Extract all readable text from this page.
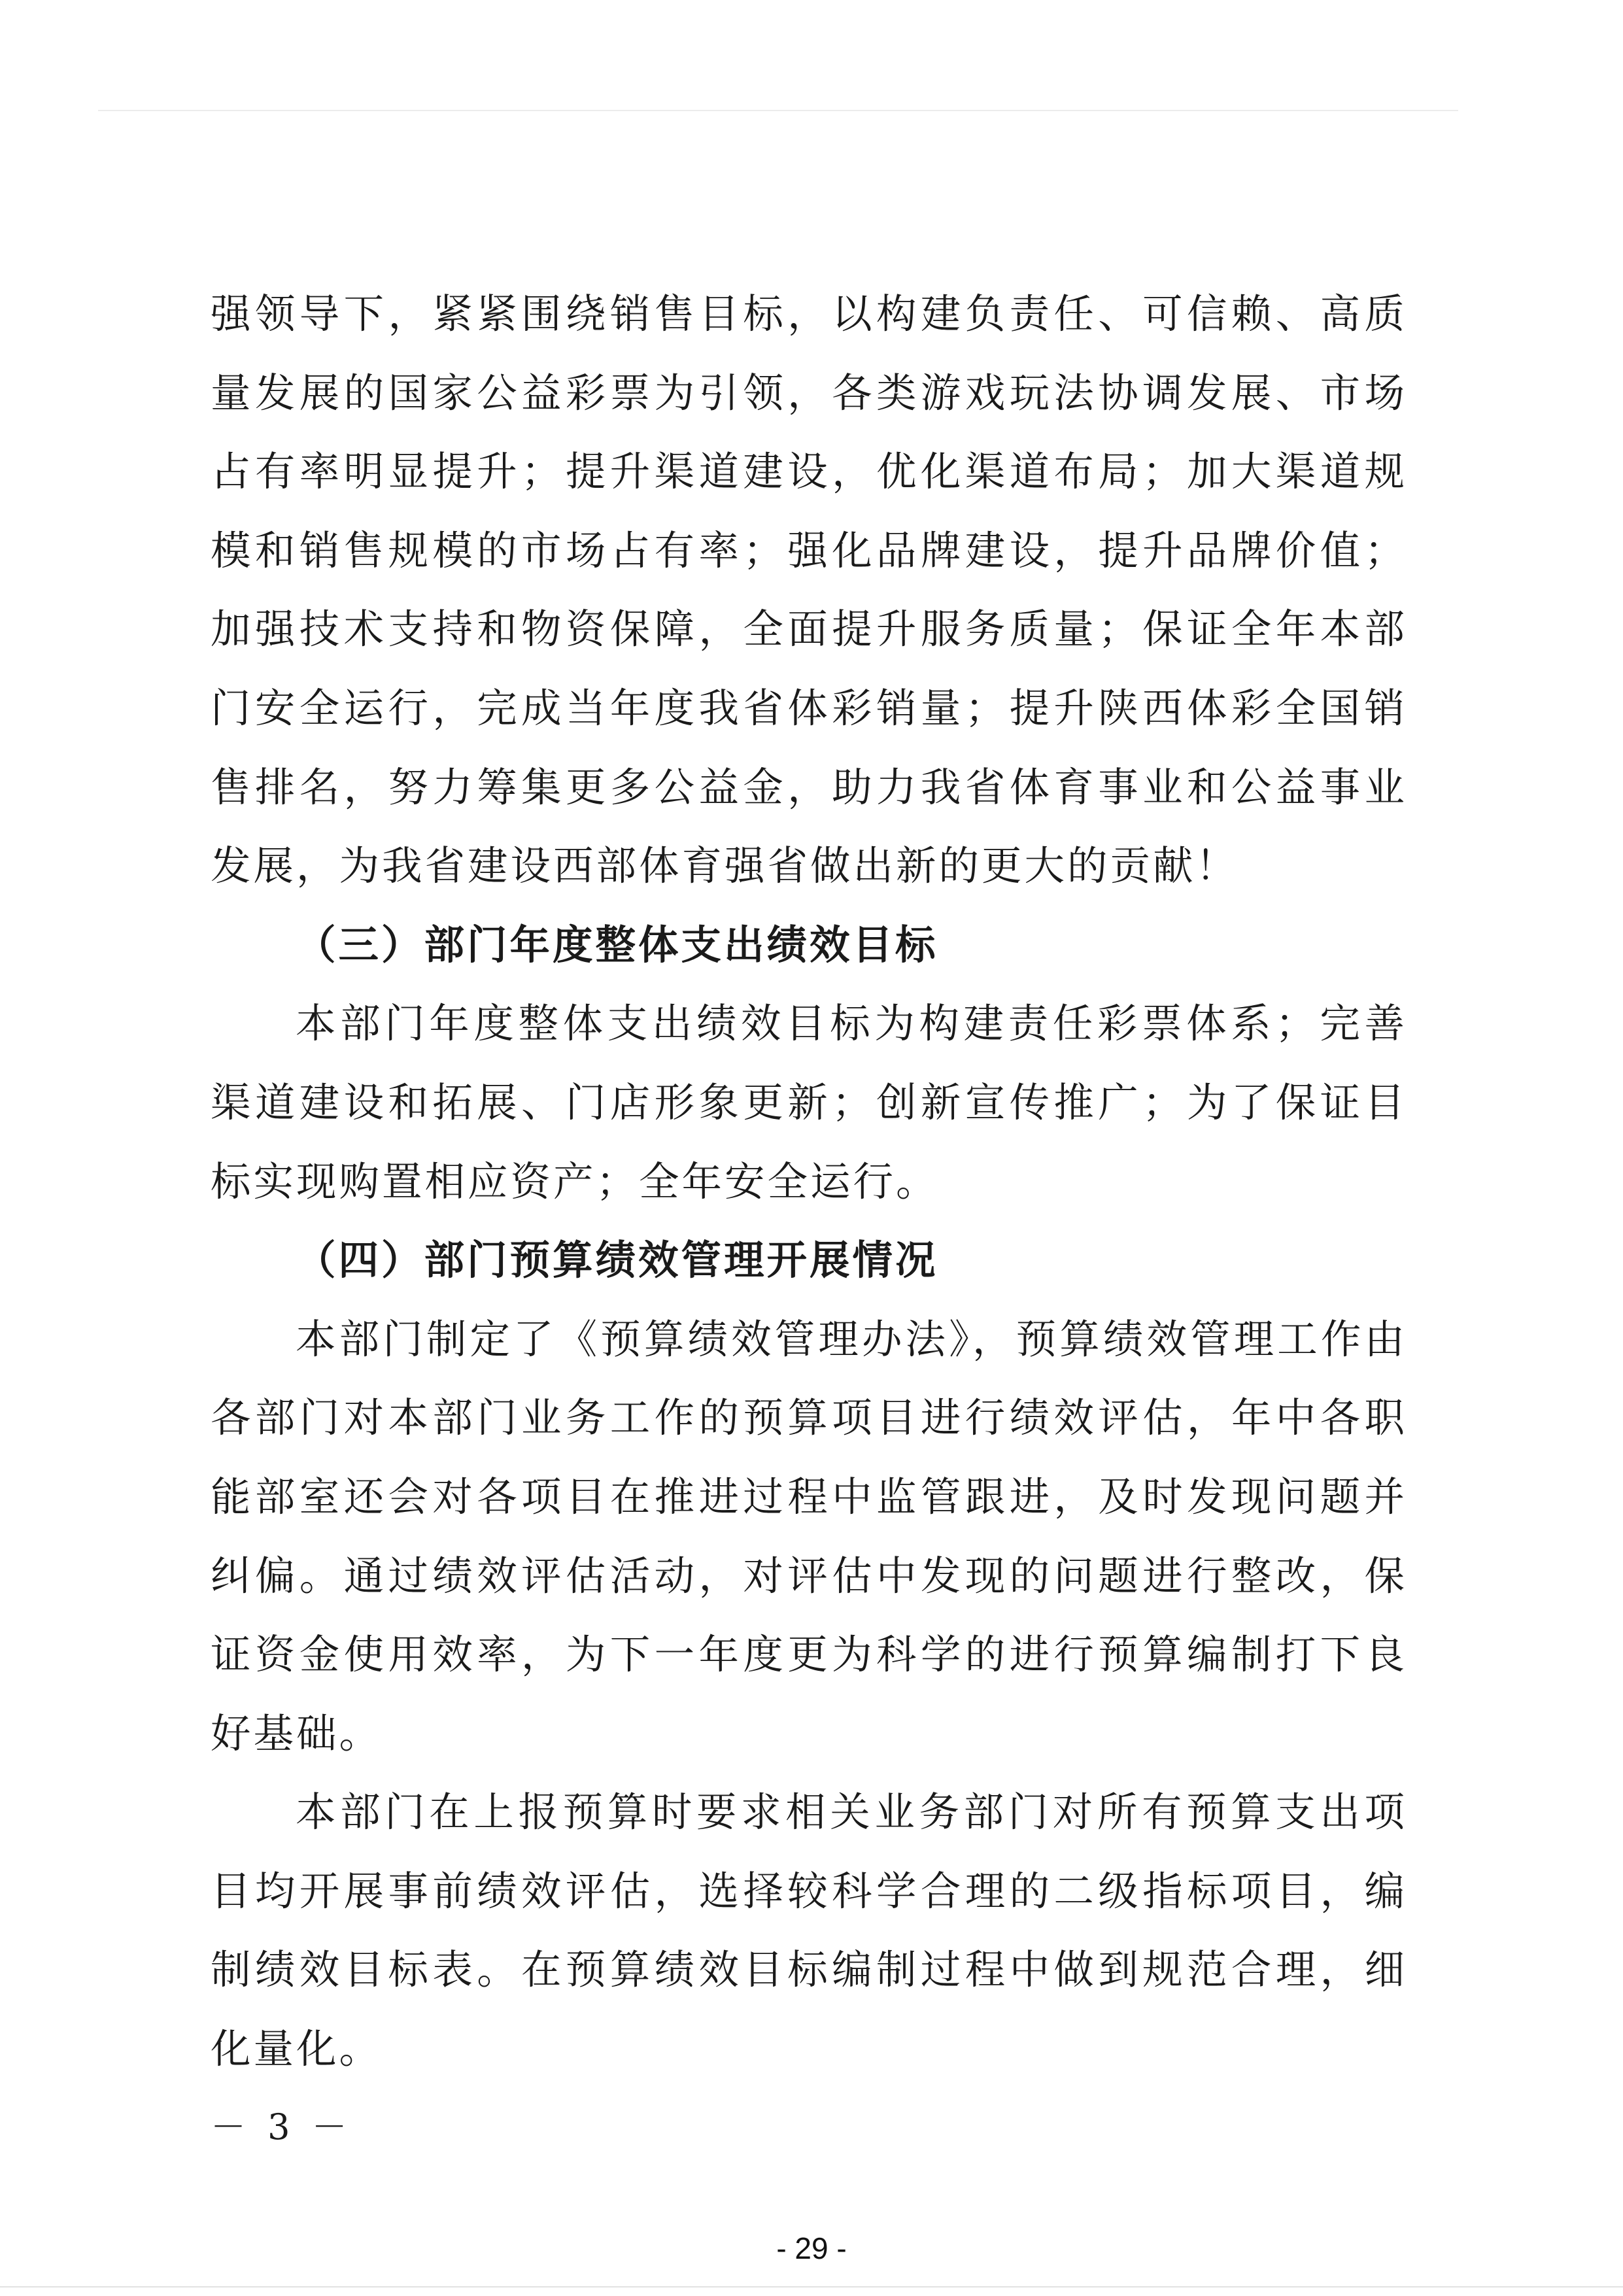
强领导下，紧紧围绕销售目标，以构建负责任、可信赖、高质量发展的国家公益彩票为引领，各类游戏玩法协调发展、市场占有率明显提升；提升渠道建设，优化渠道布局；加大渠道规模和销售规模的市场占有率；强化品牌建设，提升品牌价值；加强技术支持和物资保障，全面提升服务质量；保证全年本部门安全运行，完成当年度我省体彩销量；提升陕西体彩全国销售排名，努力筹集更多公益金，助力我省体育事业和公益事业发展，为我省建设西部体育强省做出新的更大的贡献！

（三）部门年度整体支出绩效目标

本部门年度整体支出绩效目标为构建责任彩票体系；完善渠道建设和拓展、门店形象更新；创新宣传推广；为了保证目标实现购置相应资产；全年安全运行。

（四）部门预算绩效管理开展情况

本部门制定了《预算绩效管理办法》，预算绩效管理工作由各部门对本部门业务工作的预算项目进行绩效评估，年中各职能部室还会对各项目在推进过程中监管跟进，及时发现问题并纠偏。通过绩效评估活动，对评估中发现的问题进行整改，保证资金使用效率，为下一年度更为科学的进行预算编制打下良好基础。

本部门在上报预算时要求相关业务部门对所有预算支出项目均开展事前绩效评估，选择较科学合理的二级指标项目，编制绩效目标表。在预算绩效目标编制过程中做到规范合理，细化量化。

－ 3 －
- 29 -
